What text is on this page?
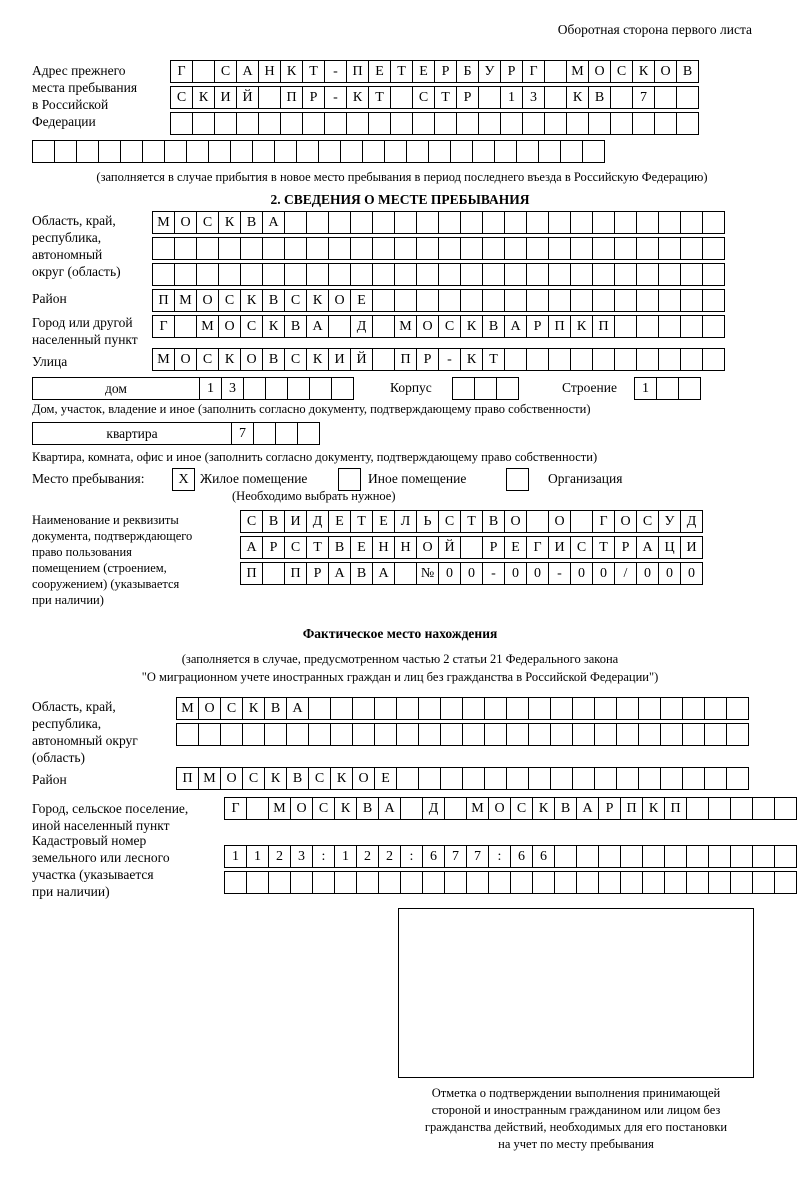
Оборотная сторона первого листа
Адрес прежнего
места пребывания
в Российской
Федерации
Г	С А Н К Т	-	П Е Т Е Р	Б У Р	Г	М О С К О В
С К И Й	П Р	-	К Т	С Т Р	1	3	К В	7
(заполняется в случае прибытия в новое место пребывания в период последнего въезда в Российскую Федерацию)
2. СВЕДЕНИЯ О МЕСТЕ ПРЕБЫВАНИЯ
Область, край,
республика,
автономный
округ (область)
М О С К В А
Район	П М О С К В С К О Е
Город или другой
населенный пункт
Г	М О С К В А	Д	М О С К В А Р П К П
Улица	М О С К О В С К И Й	П Р	-	К Т
дом	1	3	Корпус	Строение	1
Дом, участок, владение и иное (заполнить согласно документу, подтверждающему право собственности)
квартира	7
Квартира, комната, офис и иное (заполнить согласно документу, подтверждающему право собственности)
Место пребывания:	Х Жилое помещение	Иное помещение	Организация
(Необходимо выбрать нужное)
Наименование и реквизиты
документа, подтверждающего
право пользования
помещением (строением,
сооружением) (указывается
при наличии)
С В И Д Е Т Е Л Ь С Т В О	О	Г О С У Д
А Р С Т В Е Н Н О Й	Р Е Г И С Т Р А Ц И
П	П Р А В А	№ 0	0	-	0	0	-	0	0	/	0	0	0
Фактическое место нахождения
(заполняется в случае, предусмотренном частью 2 статьи 21 Федерального закона
"О миграционном учете иностранных граждан и лиц без гражданства в Российской Федерации")
Область, край,
республика,
автономный округ
(область)
М О С К В А
Район	П М О С К В С К О Е
Город, сельское поселение,
иной населенный пункт
Г	М О С К В А	Д	М О С К В А Р П К П
Кадастровый номер
земельного или лесного
участка (указывается
при наличии)
1	1	2	3	:	1	2	2	:	6	7	7	:	6	6
Отметка о подтверждении выполнения принимающей
стороной и иностранным гражданином или лицом без
гражданства действий, необходимых для его постановки
на учет по месту пребывания
